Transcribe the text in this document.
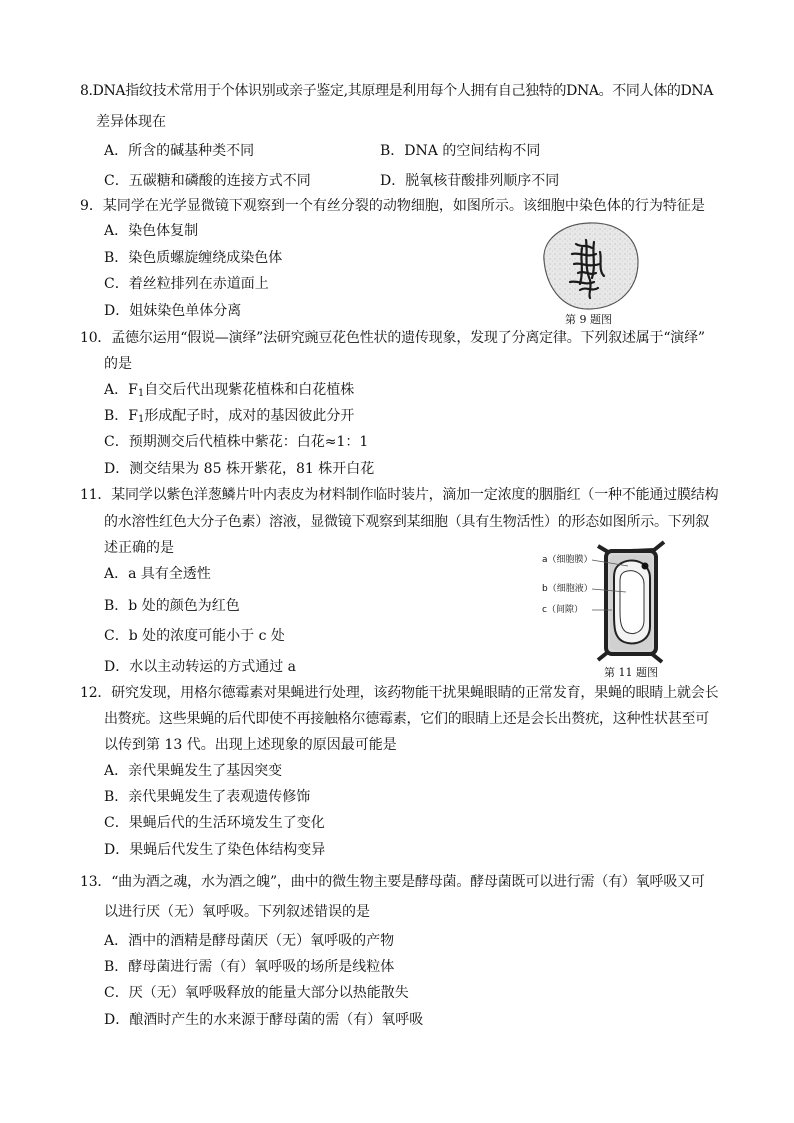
8.DNA指纹技术常用于个体识别或亲子鉴定,其原理是利用每个人拥有自己独特的DNA。不同人体的DNA
差异体现在
A．所含的碱基种类不同	B．DNA 的空间结构不同
C．五碳糖和磷酸的连接方式不同	D．脱氧核苷酸排列顺序不同
9．某同学在光学显微镜下观察到一个有丝分裂的动物细胞，如图所示。该细胞中染色体的行为特征是
A．染色体复制
B．染色质螺旋缠绕成染色体
C．着丝粒排列在赤道面上
D．姐妹染色单体分离
第 9 题图
10．孟德尔运用“假说—演绎”法研究豌豆花色性状的遗传现象，发现了分离定律。下列叙述属于“演绎”
的是
A．$F_1$自交后代出现紫花植株和白花植株
B．$F_1$形成配子时，成对的基因彼此分开
C．预期测交后代植株中紫花：白花≈1：1
D．测交结果为 85 株开紫花，81 株开白花
11．某同学以紫色洋葱鳞片叶内表皮为材料制作临时装片，滴加一定浓度的胭脂红（一种不能通过膜结构
的水溶性红色大分子色素）溶液，显微镜下观察到某细胞（具有生物活性）的形态如图所示。下列叙
述正确的是
A．a 具有全透性
B．b 处的颜色为红色
C．b 处的浓度可能小于 c 处
D．水以主动转运的方式通过 a
a（细胞膜）
b（细胞液）
c（间隙）
第 11 题图
12．研究发现，用格尔德霉素对果蝇进行处理，该药物能干扰果蝇眼睛的正常发育，果蝇的眼睛上就会长
出赘疣。这些果蝇的后代即使不再接触格尔德霉素，它们的眼睛上还是会长出赘疣，这种性状甚至可
以传到第 13 代。出现上述现象的原因最可能是
A．亲代果蝇发生了基因突变
B．亲代果蝇发生了表观遗传修饰
C．果蝇后代的生活环境发生了变化
D．果蝇后代发生了染色体结构变异
13．“曲为酒之魂，水为酒之魄”，曲中的微生物主要是酵母菌。酵母菌既可以进行需（有）氧呼吸又可
以进行厌（无）氧呼吸。下列叙述错误的是
A．酒中的酒精是酵母菌厌（无）氧呼吸的产物
B．酵母菌进行需（有）氧呼吸的场所是线粒体
C．厌（无）氧呼吸释放的能量大部分以热能散失
D．酿酒时产生的水来源于酵母菌的需（有）氧呼吸
